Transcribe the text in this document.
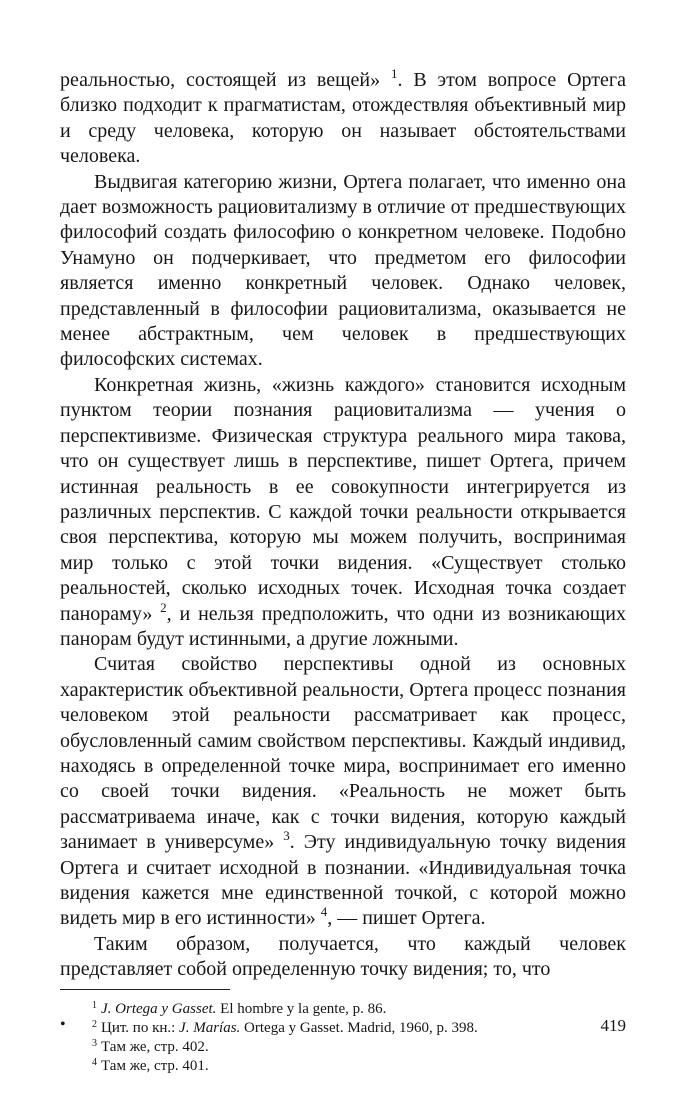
реальностью, состоящей из вещей» $^1$. В этом вопросе Ортега близко подходит к прагматистам, отождествляя объективный мир и среду человека, которую он называет обстоятельствами человека.

Выдвигая категорию жизни, Ортега полагает, что именно она дает возможность рациовитализму в отличие от предшествующих философий создать философию о конкретном человеке. Подобно Унамуно он подчеркивает, что предметом его философии является именно конкретный человек. Однако человек, представленный в философии рациовитализма, оказывается не менее абстрактным, чем человек в предшествующих философских системах.

Конкретная жизнь, «жизнь каждого» становится исходным пунктом теории познания рациовитализма — учения о перспективизме. Физическая структура реального мира такова, что он существует лишь в перспективе, пишет Ортега, причем истинная реальность в ее совокупности интегрируется из различных перспектив. С каждой точки реальности открывается своя перспектива, которую мы можем получить, воспринимая мир только с этой точки видения. «Существует столько реальностей, сколько исходных точек. Исходная точка создает панораму» $^2$, и нельзя предположить, что одни из возникающих панорам будут истинными, а другие ложными.

Считая свойство перспективы одной из основных характеристик объективной реальности, Ортега процесс познания человеком этой реальности рассматривает как процесс, обусловленный самим свойством перспективы. Каждый индивид, находясь в определенной точке мира, воспринимает его именно со своей точки видения. «Реальность не может быть рассматриваема иначе, как с точки видения, которую каждый занимает в универсуме» $^3$. Эту индивидуальную точку видения Ортега и считает исходной в познании. «Индивидуальная точка видения кажется мне единственной точкой, с которой можно видеть мир в его истинности» $^4$, — пишет Ортега.

Таким образом, получается, что каждый человек представляет собой определенную точку видения; то, что

$^1$ J. Ortega y Gasset. El hombre y la gente, p. 86.

$^2$ Цит. по кн.: J. Marías. Ortega y Gasset. Madrid, 1960, p. 398.

$^3$ Там же, стр. 402.

$^4$ Там же, стр. 401.

•	419
